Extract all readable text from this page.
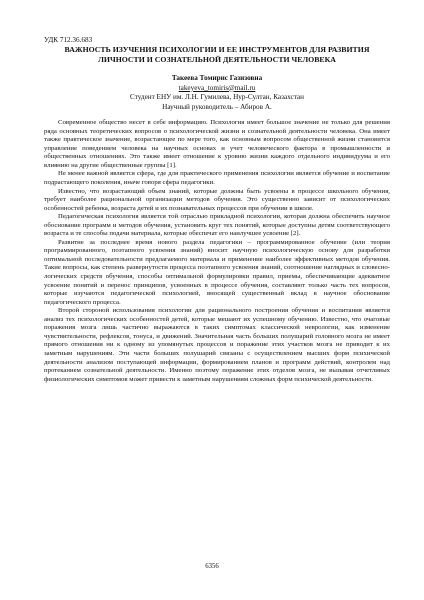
УДК 712.36.683
ВАЖНОСТЬ ИЗУЧЕНИЯ ПСИХОЛОГИИ И ЕЕ ИНСТРУМЕНТОВ ДЛЯ РАЗВИТИЯ ЛИЧНОСТИ И СОЗНАТЕЛЬНОЙ ДЕЯТЕЛЬНОСТИ ЧЕЛОВЕКА
Такеева Томирис Газизовна
takeyeva_tomiris@mail.ru
Студент ЕНУ им. Л.Н. Гумилева, Нур-Султан, Казахстан
Научный руководитель – Абиров А.

Современное общество несет в себе информацию. Психология имеет большое значение не только для решения ряда основных теоретических вопросов о психологической жизни и сознательной деятельности человека. Она имеет также практическое значение, возрастающее по мере того, как основным вопросом общественной жизни становится управление поведением человека на научных основах и учет человеческого фактора в промышленности и общественных отношениях. Это также имеет отношение к уровню жизни каждого отдельного индивидуума и его влиянию на другие общественные группы [1].

Не менее важной является сфера, где для практического применения психологии является обучение и воспитание подрастающего поколения, иначе говоря сфера педагогики.

Известно, что возрастающий объем знаний, которые должны быть усвоены в процессе школьного обучения, требует наиболее рациональной организации методов обучения. Это существенно зависит от психологических особенностей ребенка, возраста детей и их познавательных процессов при обучении в школе.

Педагогическая психология является той отраслью прикладной психологии, которая должна обеспечить научное обоснование программ и методов обучения, установить круг тех понятий, которые доступны детям соответствующего возраста и те способы подачи материала, которые обеспечат его наилучшее усвоение [2].

Развитие за последнее время нового раздела педагогики – программированное обучение (или теория программированного, поэтапного усвоения знаний) вносит научную психологическую основу для разработки оптимальной последовательности предлагаемого материала и применение наиболее эффективных методов обучения. Такие вопросы, как степень развернутости процесса поэтапного усвоения знаний, соотношение наглядных и словесно-логических средств обучения, способы оптимальной формулировки правил, приемы, обеспечивающие адекватное усвоение понятий и перенос принципов, усвоенных в процессе обучения, составляют только часть тех вопросов, которые изучаются педагогической психологией, вносящей существенный вклад в научное обоснование педагогического процесса.

Второй стороной использования психологии для рационального построения обучения и воспитания является анализ тех психологических особенностей детей, которые мешают их успешному обучению. Известно, что очаговые поражения мозга лишь частично выражаются в таких симптомах классической неврологии, как изменение чувствительности, рефлексов, тонуса, и движений. Значительная часть больших полушарий головного мозга не имеет прямого отношения ни к одному из упомянутых процессов и поражение этих участков мозга не приводит к их заметным нарушениям. Эти части больших полушарий связаны с осуществлением высших форм психической деятельности анализом поступающей информации, формированием планов и программ действий, контролем над протеканием сознательной деятельности. Именно поэтому поражение этих отделов мозга, не вызывая отчетливых физиологических симптомов может привести к заметным нарушениям сложных форм психической деятельности.

6356
